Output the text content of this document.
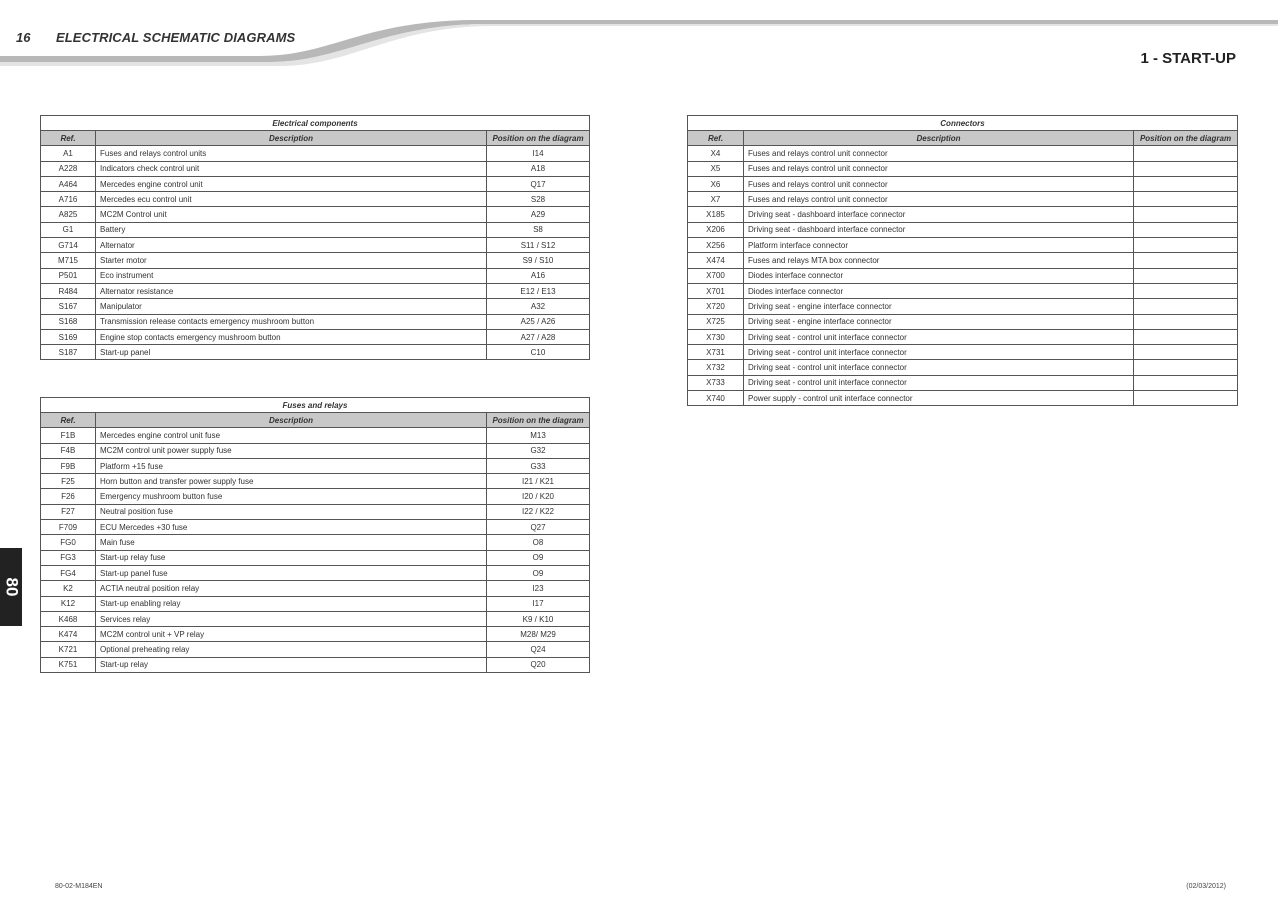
16 ELECTRICAL SCHEMATIC DIAGRAMS
1 - START-UP
80
Electrical components		
Ref.	Description	Position on the diagram
A1	Fuses and relays control units	I14
A228	Indicators check control unit	A18
A464	Mercedes engine control unit	Q17
A716	Mercedes ecu control unit	S28
A825	MC2M Control unit	A29
G1	Battery	S8
G714	Alternator	S11 / S12
M715	Starter motor	S9 / S10
P501	Eco instrument	A16
R484	Alternator resistance	E12 / E13
S167	Manipulator	A32
S168	Transmission release contacts emergency mushroom button	A25 / A26
S169	Engine stop contacts emergency mushroom button	A27 / A28
S187	Start-up panel	C10
Fuses and relays		
Ref.	Description	Position on the diagram
F1B	Mercedes engine control unit fuse	M13
F4B	MC2M control unit power supply fuse	G32
F9B	Platform +15 fuse	G33
F25	Horn button and transfer power supply fuse	I21 / K21
F26	Emergency mushroom button fuse	I20 / K20
F27	Neutral position fuse	I22 / K22
F709	ECU Mercedes +30 fuse	Q27
FG0	Main fuse	O8
FG3	Start-up relay fuse	O9
FG4	Start-up panel fuse	O9
K2	ACTIA neutral position relay	I23
K12	Start-up enabling relay	I17
K468	Services relay	K9 / K10
K474	MC2M control unit + VP relay	M28/ M29
K721	Optional preheating relay	Q24
K751	Start-up relay	Q20
Connectors		
Ref.	Description	Position on the diagram
X4	Fuses and relays control unit connector	
X5	Fuses and relays control unit connector	
X6	Fuses and relays control unit connector	
X7	Fuses and relays control unit connector	
X185	Driving seat - dashboard interface connector	
X206	Driving seat - dashboard interface connector	
X256	Platform interface connector	
X474	Fuses and relays MTA box connector	
X700	Diodes interface connector	
X701	Diodes interface connector	
X720	Driving seat - engine interface connector	
X725	Driving seat - engine interface connector	
X730	Driving seat - control unit interface connector	
X731	Driving seat - control unit interface connector	
X732	Driving seat - control unit interface connector	
X733	Driving seat - control unit interface connector	
X740	Power supply - control unit interface connector	
80-02-M184EN	(02/03/2012)
